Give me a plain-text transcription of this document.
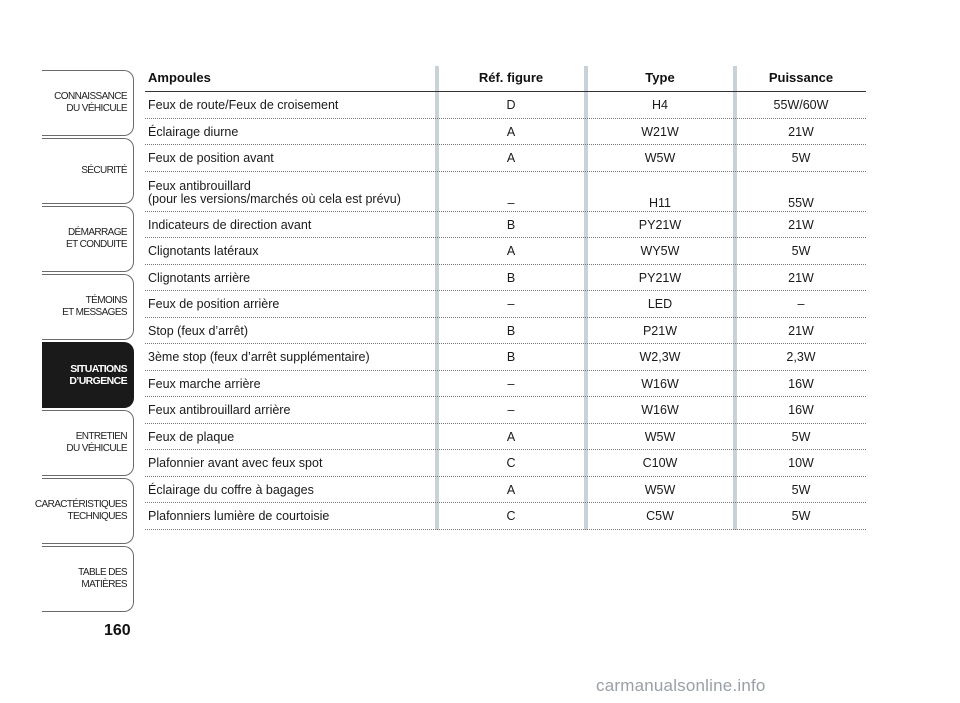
CONNAISSANCE
DU VÉHICULE
SÉCURITÉ
DÉMARRAGE
ET CONDUITE
TÉMOINS
ET MESSAGES
SITUATIONS
D’URGENCE
ENTRETIEN
DU VÉHICULE
CARACTÉRISTIQUES
TECHNIQUES
TABLE DES
MATIÈRES
160
Ampoules	Réf. figure	Type	Puissance
Feux de route/Feux de croisement	D	H4	55W/60W
Éclairage diurne	A	W21W	21W
Feux de position avant	A	W5W	5W
Feux antibrouillard
(pour les versions/marchés où cela est prévu)	–	H11	55W
Indicateurs de direction avant	B	PY21W	21W
Clignotants latéraux	A	WY5W	5W
Clignotants arrière	B	PY21W	21W
Feux de position arrière	–	LED	–
Stop (feux d’arrêt)	B	P21W	21W
3ème stop (feux d’arrêt supplémentaire)	B	W2,3W	2,3W
Feux marche arrière	–	W16W	16W
Feux antibrouillard arrière	–	W16W	16W
Feux de plaque	A	W5W	5W
Plafonnier avant avec feux spot	C	C10W	10W
Éclairage du coffre à bagages	A	W5W	5W
Plafonniers lumière de courtoisie	C	C5W	5W
carmanualsonline.info
